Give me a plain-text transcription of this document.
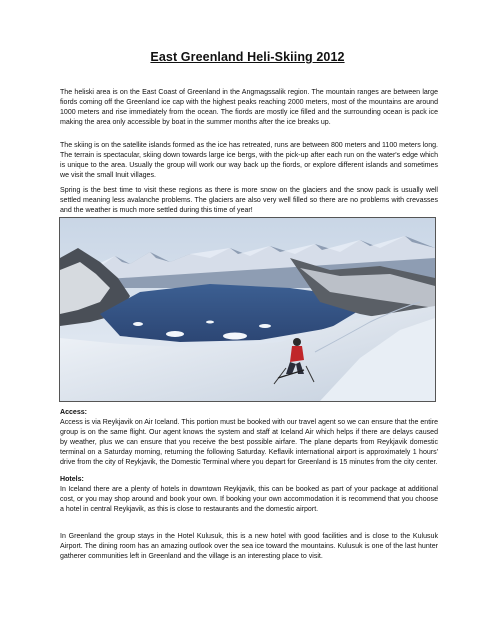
East Greenland Heli-Skiing 2012

The heliski area is on the East Coast of Greenland in the Angmagssalik region. The mountain ranges are between large fiords coming off the Greenland ice cap with the highest peaks reaching 2000 meters, most of the mountains are around 1000 meters and rise immediately from the ocean. The fiords are mostly ice filled and the surrounding ocean is pack ice making the area only accessible by boat in the summer months after the ice breaks up.

The skiing is on the satellite islands formed as the ice has retreated, runs are between 800 meters and 1100 meters long. The terrain is spectacular, skiing down towards large ice bergs, with the pick-up after each run on the water's edge which is unique to the area. Usually the group will work our way back up the fiords, or explore different islands and sometimes we visit the small Inuit villages.

Spring is the best time to visit these regions as there is more snow on the glaciers and the snow pack is usually well settled meaning less avalanche problems. The glaciers are also very well filled so there are no problems with crevasses and the weather is much more settled during this time of year!

Access:

Access is via Reykjavik on Air Iceland. This portion must be booked with our travel agent so we can ensure that the entire group is on the same flight. Our agent knows the system and staff at Iceland Air which helps if there are delays caused by weather, plus we can ensure that you receive the best possible airfare. The plane departs from Reykjavik domestic terminal on a Saturday morning, returning the following Saturday. Keflavik international airport is approximately 1 hours' drive from the city of Reykjavik, the Domestic Terminal where you depart for Greenland is 15 minutes from the city center.

Hotels:

In Iceland there are a plenty of hotels in downtown Reykjavik, this can be booked as part of your package at additional cost, or you may shop around and book your own. If booking your own accommodation it is recommend that you choose a hotel in central Reykjavik, as this is close to restaurants and the domestic airport.

In Greenland the group stays in the Hotel Kulusuk, this is a new hotel with good facilities and is close to the Kulusuk Airport. The dining room has an amazing outlook over the sea ice toward the mountains. Kulusuk is one of the last hunter gatherer communities left in Greenland and the village is an interesting place to visit.
